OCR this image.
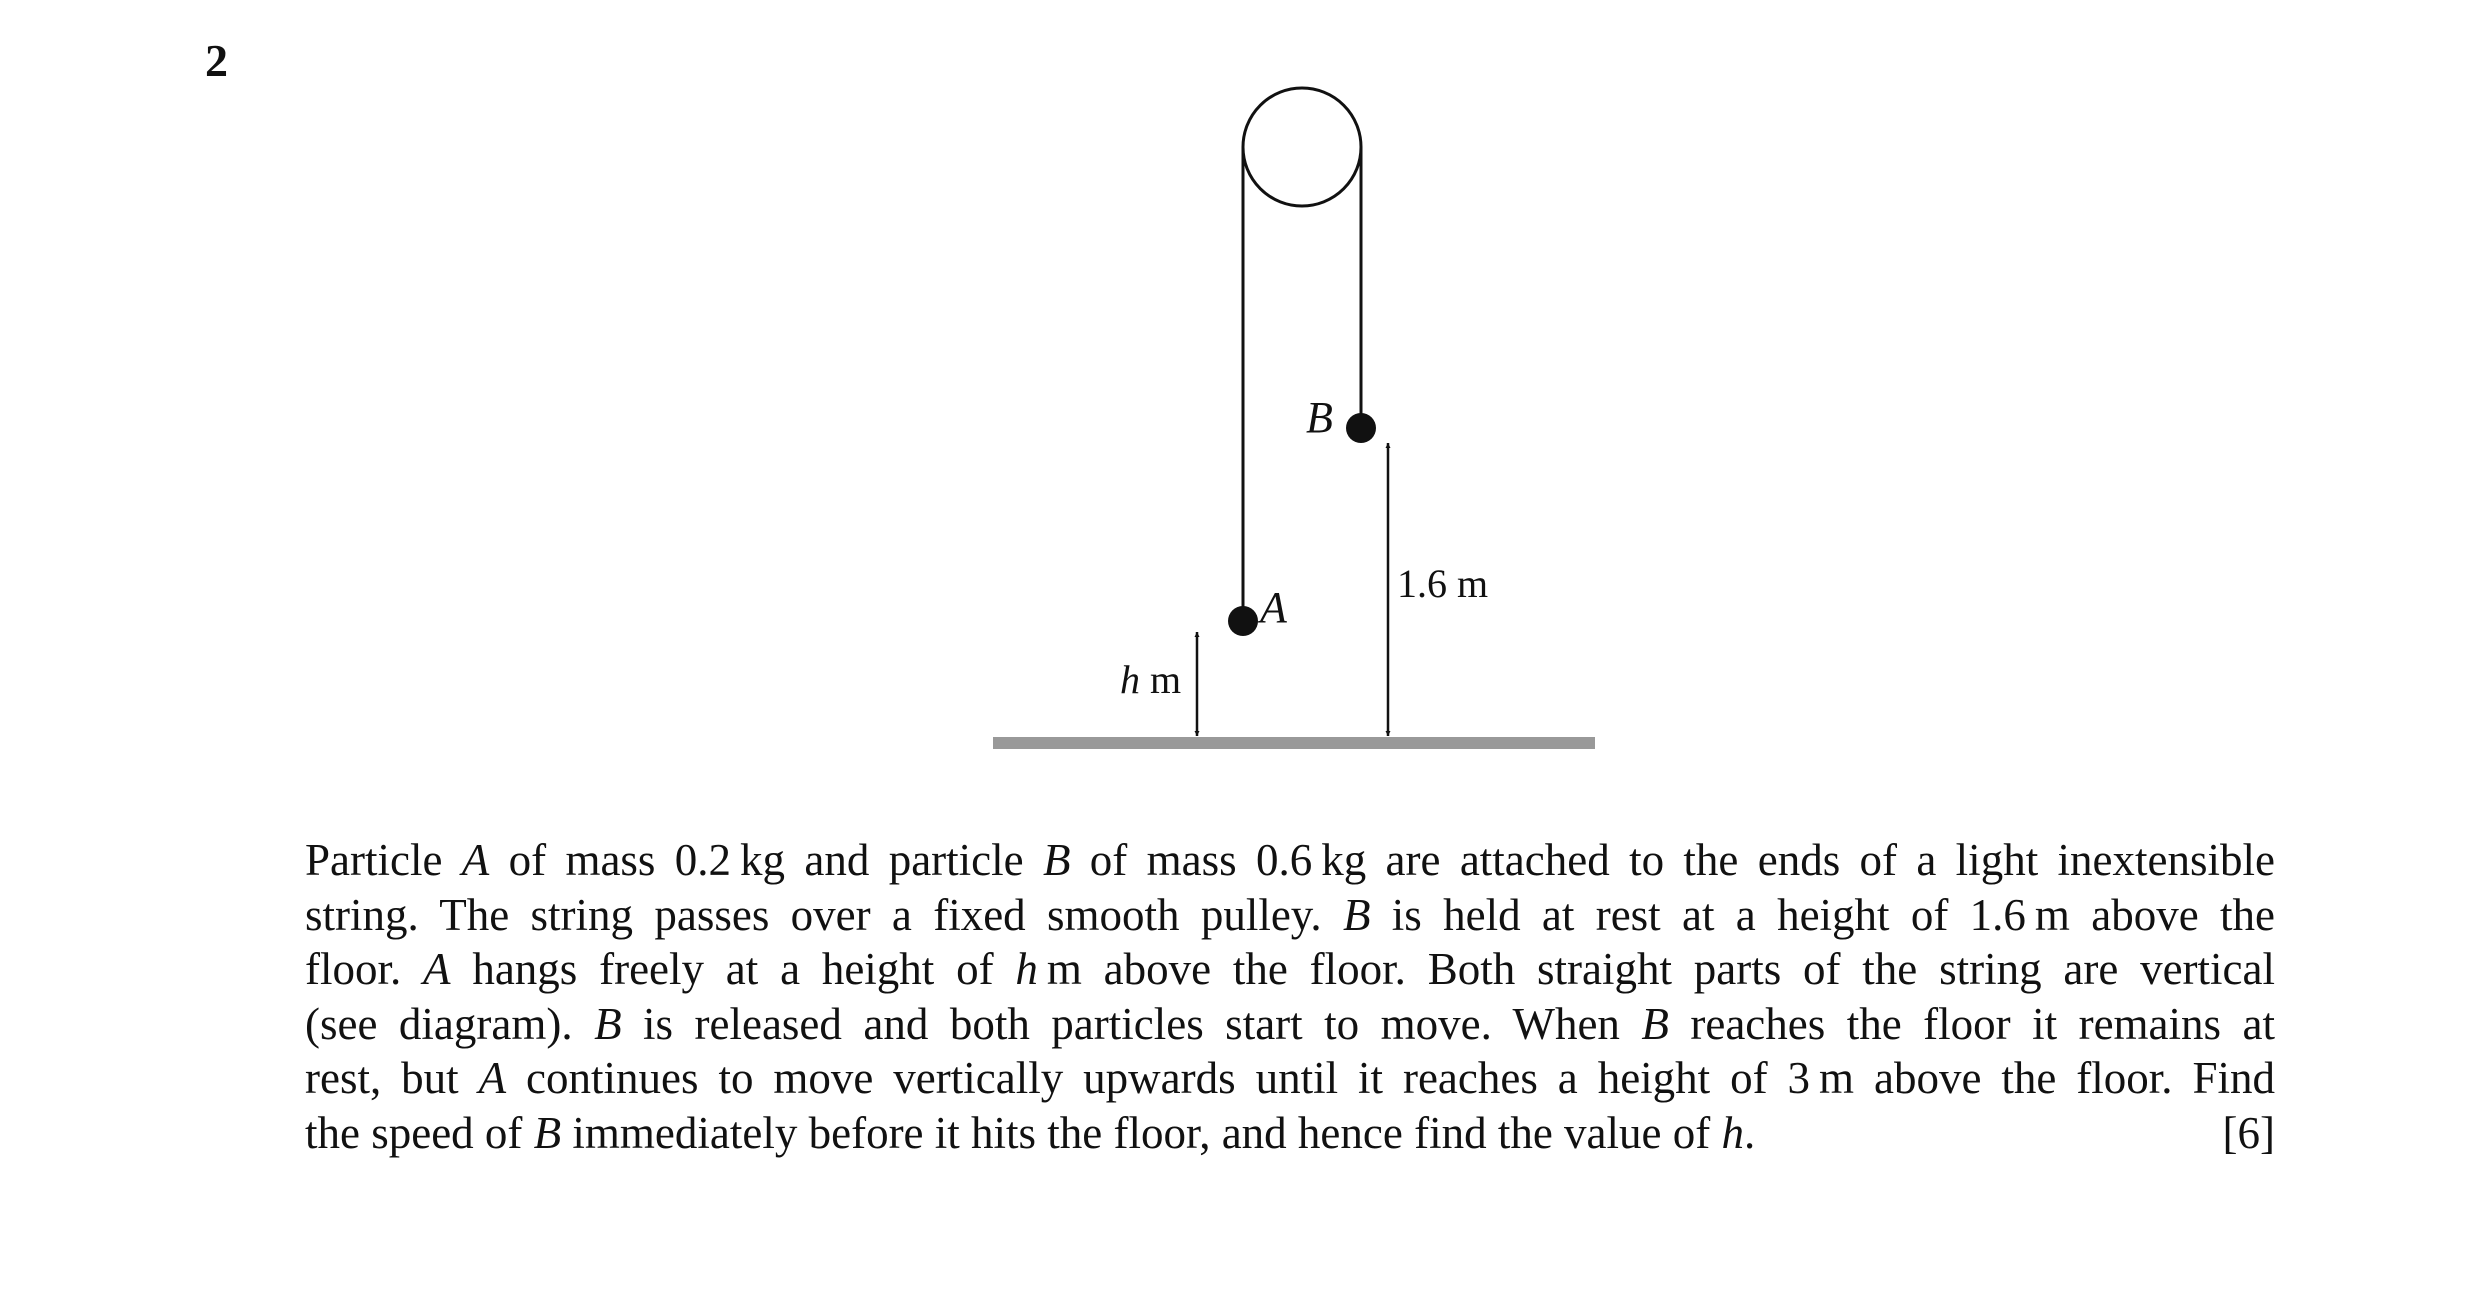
2
A
B
1.6 m
h m
Particle A of mass 0.2 kg and particle B of mass 0.6 kg are attached to the ends of a light inextensible
string. The string passes over a fixed smooth pulley. B is held at rest at a height of 1.6 m above the
floor. A hangs freely at a height of h m above the floor. Both straight parts of the string are vertical
(see diagram). B is released and both particles start to move. When B reaches the floor it remains at
rest, but A continues to move vertically upwards until it reaches a height of 3 m above the floor. Find
[6]
the speed of B immediately before it hits the floor, and hence find the value of h.
